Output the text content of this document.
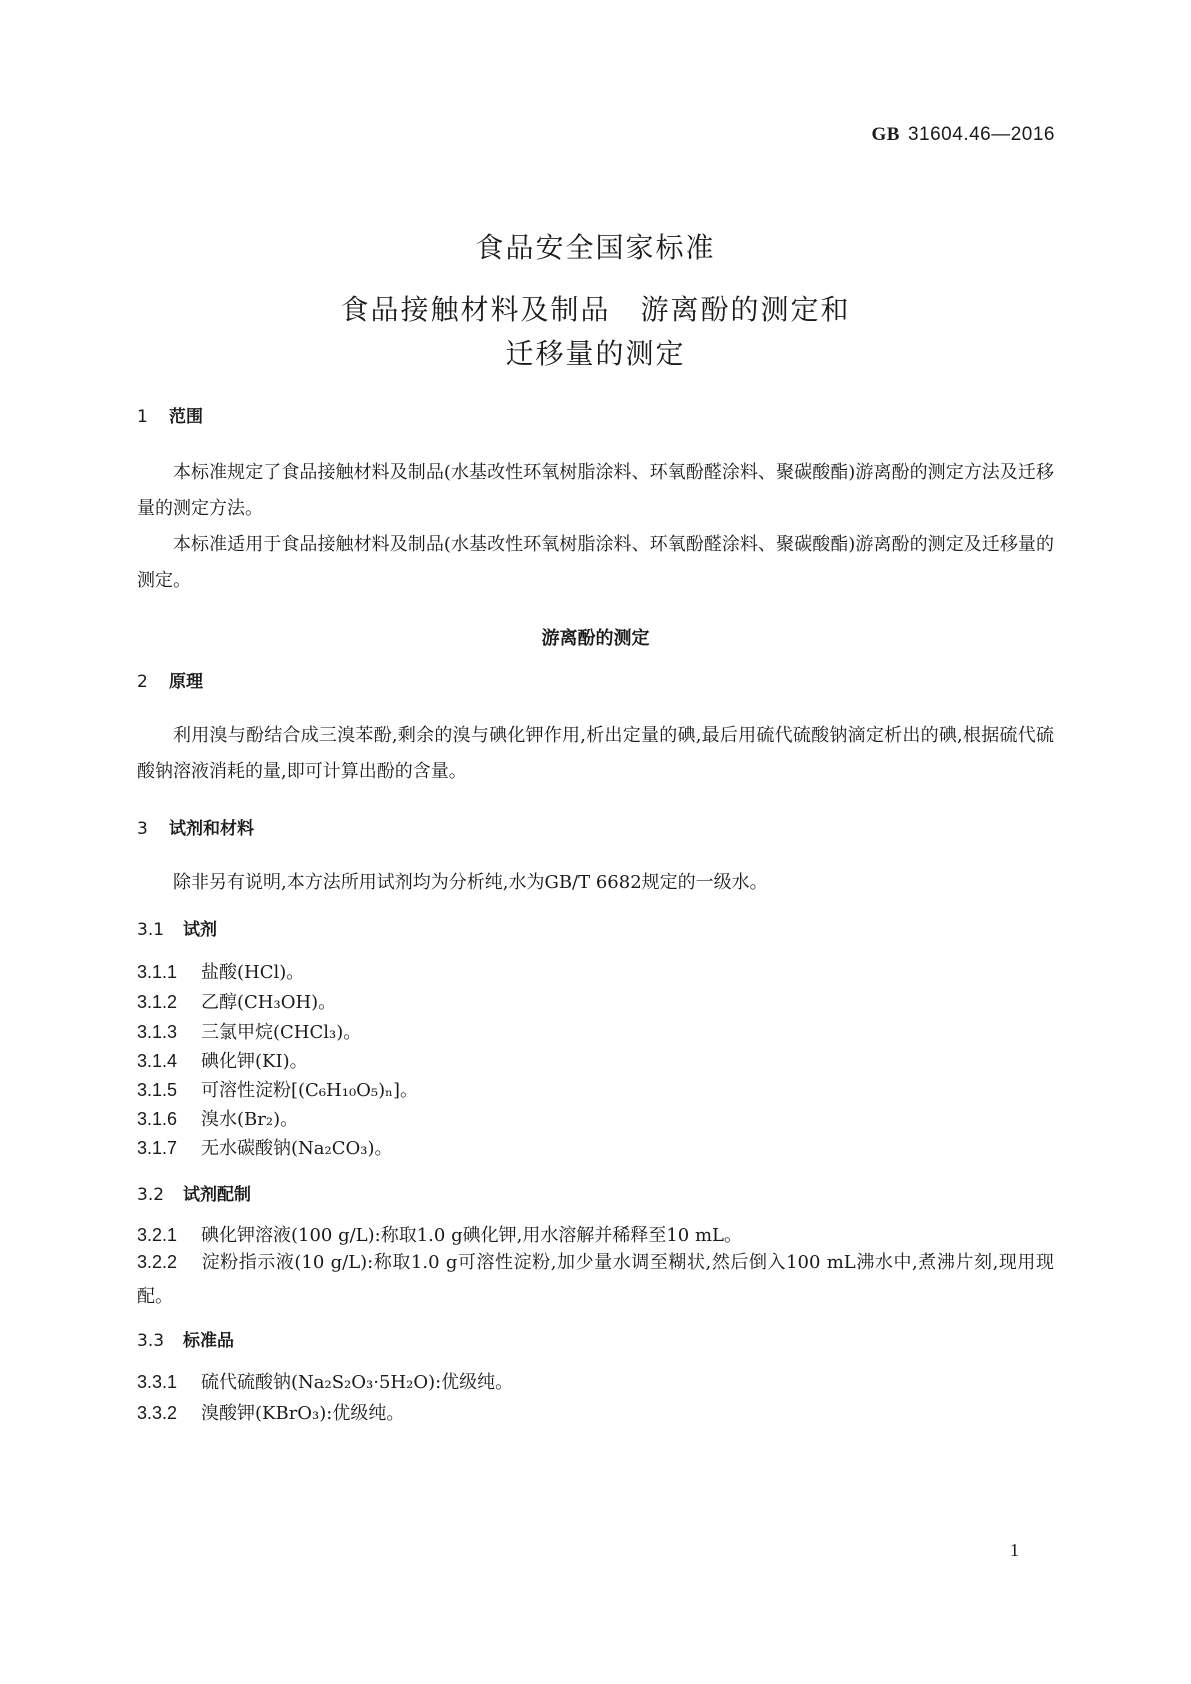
GB 31604.46—2016
食品安全国家标准
食品接触材料及制品　游离酚的测定和
迁移量的测定
1 范围

本标准规定了食品接触材料及制品(水基改性环氧树脂涂料、环氧酚醛涂料、聚碳酸酯)游离酚的测定方法及迁移量的测定方法。

本标准适用于食品接触材料及制品(水基改性环氧树脂涂料、环氧酚醛涂料、聚碳酸酯)游离酚的测定及迁移量的测定。

游离酚的测定
2 原理

利用溴与酚结合成三溴苯酚,剩余的溴与碘化钾作用,析出定量的碘,最后用硫代硫酸钠滴定析出的碘,根据硫代硫酸钠溶液消耗的量,即可计算出酚的含量。

3 试剂和材料

除非另有说明,本方法所用试剂均为分析纯,水为GB/T 6682规定的一级水。

3.1 试剂
3.1.1 盐酸(HCl)。
3.1.2 乙醇(CH₃OH)。
3.1.3 三氯甲烷(CHCl₃)。
3.1.4 碘化钾(KI)。
3.1.5 可溶性淀粉[(C₆H₁₀O₅)ₙ]。
3.1.6 溴水(Br₂)。
3.1.7 无水碳酸钠(Na₂CO₃)。
3.2 试剂配制
3.2.1 碘化钾溶液(100 g/L):称取1.0 g碘化钾,用水溶解并稀释至10 mL。

3.2.2 淀粉指示液(10 g/L):称取1.0 g可溶性淀粉,加少量水调至糊状,然后倒入100 mL沸水中,煮沸片刻,现用现配。

3.3 标准品
3.3.1 硫代硫酸钠(Na₂S₂O₃·5H₂O):优级纯。
3.3.2 溴酸钾(KBrO₃):优级纯。
1
